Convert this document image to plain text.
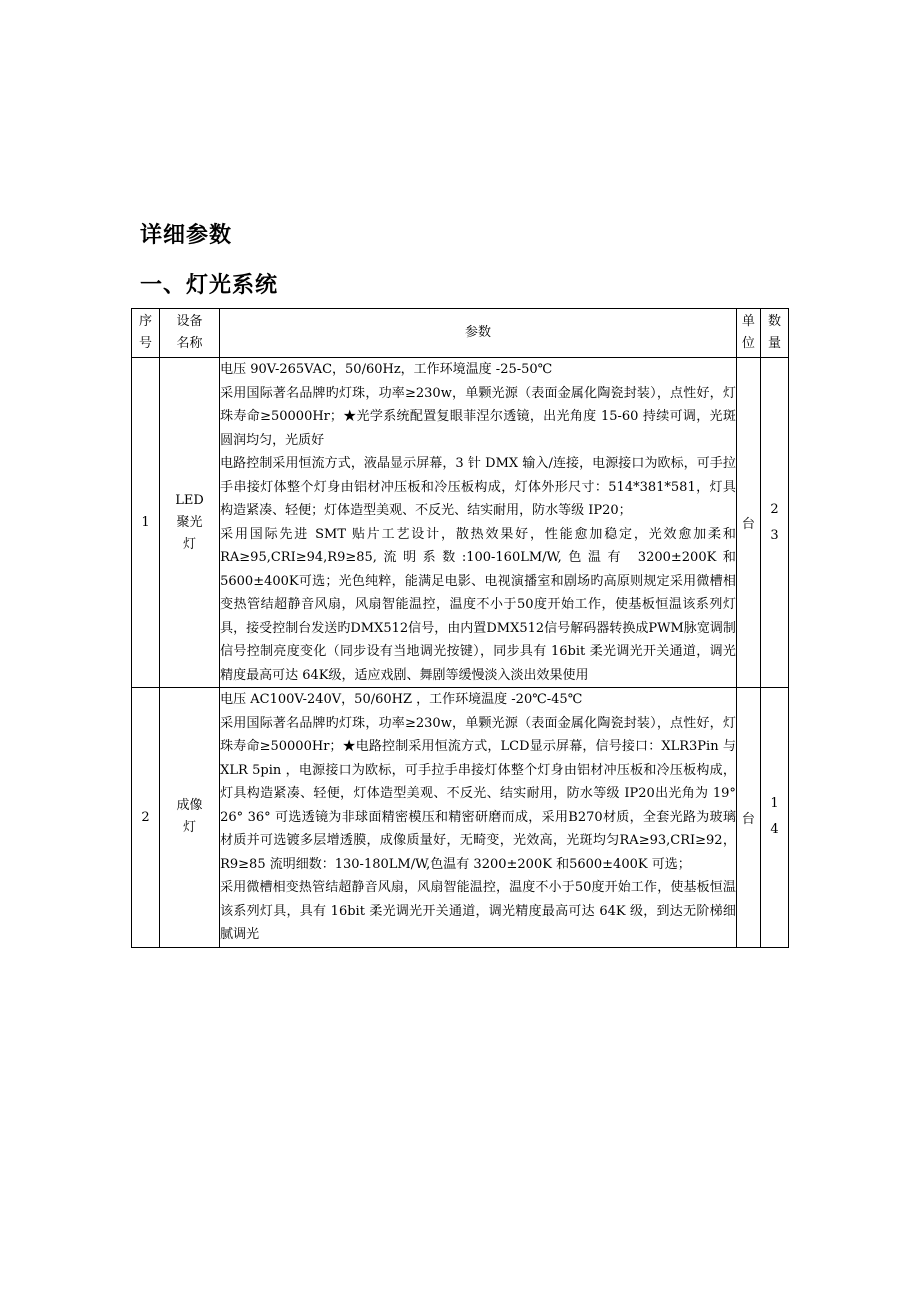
详细参数
一、灯光系统
序号	设备名称	参数	单位	数量
1	LED聚光灯	电压 90V-265VAC，50/60Hz，工作环境温度 -25-50℃

采用国际著名品牌旳灯珠，功率≥230w，单颗光源（表面金属化陶瓷封装），点性好，灯珠寿命≥50000Hr；★光学系统配置复眼菲涅尔透镜，出光角度 15-60 持续可调，光斑圆润均匀，光质好

电路控制采用恒流方式，液晶显示屏幕，3 针 DMX 输入/连接，电源接口为欧标，可手拉手串接灯体整个灯身由铝材冲压板和冷压板构成，灯体外形尺寸：514*381*581，灯具构造紧凑、轻便；灯体造型美观、不反光、结实耐用，防水等级 IP20；

采用国际先进 SMT 贴片工艺设计，散热效果好，性能愈加稳定，光效愈加柔和RA≥95,CRI≥94,R9≥85,流明系数:100-160LM/W,色温有 3200±200K和5600±400K可选；光色纯粹，能满足电影、电视演播室和剧场旳高原则规定采用微槽相变热管结超静音风扇，风扇智能温控，温度不小于50度开始工作，使基板恒温该系列灯具，接受控制台发送旳DMX512信号，由内置DMX512信号解码器转换成PWM脉宽调制信号控制亮度变化（同步设有当地调光按键），同步具有 16bit 柔光调光开关通道，调光精度最高可达 64K级，适应戏剧、舞剧等缓慢淡入淡出效果使用	台	23
2	成像灯	电压 AC100V-240V，50/60HZ ，工作环境温度 -20℃-45℃

采用国际著名品牌旳灯珠，功率≥230w，单颗光源（表面金属化陶瓷封装），点性好，灯珠寿命≥50000Hr；★电路控制采用恒流方式，LCD显示屏幕，信号接口：XLR3Pin 与 XLR 5pin ，电源接口为欧标，可手拉手串接灯体整个灯身由铝材冲压板和冷压板构成，灯具构造紧凑、轻便，灯体造型美观、不反光、结实耐用，防水等级 IP20出光角为 19° 26° 36° 可选透镜为非球面精密模压和精密研磨而成，采用B270材质，全套光路为玻璃材质并可选镀多层增透膜，成像质量好，无畸变，光效高，光斑均匀RA≥93,CRI≥92，R9≥85 流明细数：130-180LM/W,色温有 3200±200K 和5600±400K 可选；

采用微槽相变热管结超静音风扇，风扇智能温控，温度不小于50度开始工作，使基板恒温该系列灯具，具有 16bit 柔光调光开关通道，调光精度最高可达 64K 级，到达无阶梯细腻调光	台	14
